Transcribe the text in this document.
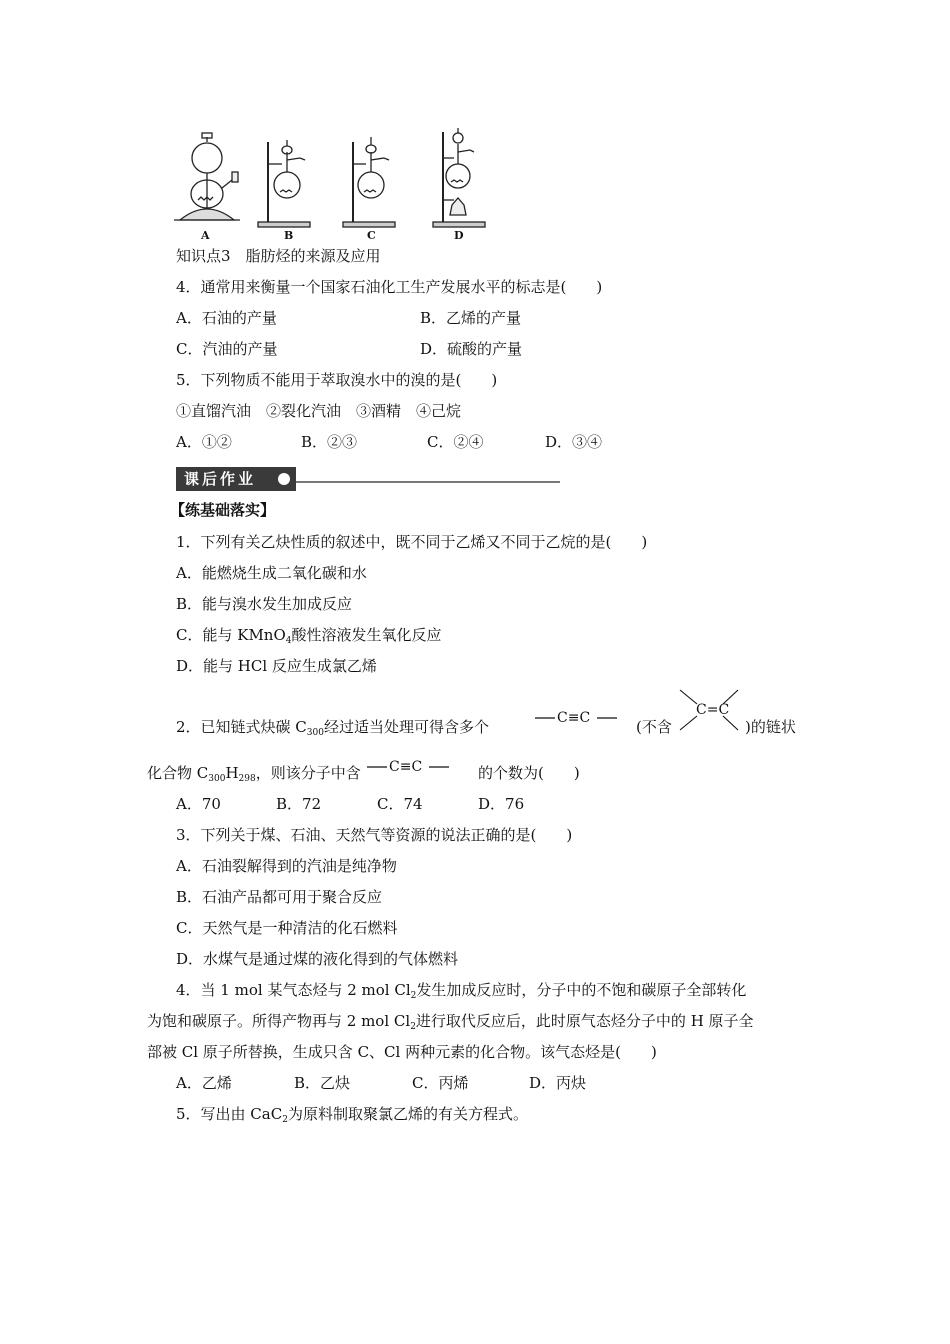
A	B	C	D
知识点3　脂肪烃的来源及应用
4．通常用来衡量一个国家石油化工生产发展水平的标志是(　　)
A．石油的产量	B．乙烯的产量
C．汽油的产量	D．硫酸的产量
5．下列物质不能用于萃取溴水中的溴的是(　　)
①直馏汽油　②裂化汽油　③酒精　④己烷
A．①②	B．②③	C．②④	D．③④
课后作业
【练基础落实】
1．下列有关乙炔性质的叙述中，既不同于乙烯又不同于乙烷的是(　　)
A．能燃烧生成二氧化碳和水
B．能与溴水发生加成反应
C．能与 KMnO$_4$酸性溶液发生氧化反应
D．能与 HCl 反应生成氯乙烯
2．已知链式炔碳 $C_{300}$经过适当处理可得含多个	C≡C	(不含
C=C
)的链状
化合物 $C_{300}H_{298}$，则该分子中含 C≡C	的个数为(　　)
A．70	B．72	C．74	D．76
3．下列关于煤、石油、天然气等资源的说法正确的是(　　)
A．石油裂解得到的汽油是纯净物
B．石油产品都可用于聚合反应
C．天然气是一种清洁的化石燃料
D．水煤气是通过煤的液化得到的气体燃料
4．当 1 mol 某气态烃与 2 mol $Cl_2$发生加成反应时，分子中的不饱和碳原子全部转化
为饱和碳原子。所得产物再与 2 mol $Cl_2$进行取代反应后，此时原气态烃分子中的 H 原子全
部被 Cl 原子所替换，生成只含 C、Cl 两种元素的化合物。该气态烃是(　　)
A．乙烯	B．乙炔	C．丙烯	D．丙炔
5．写出由 CaC$_2$为原料制取聚氯乙烯的有关方程式。
